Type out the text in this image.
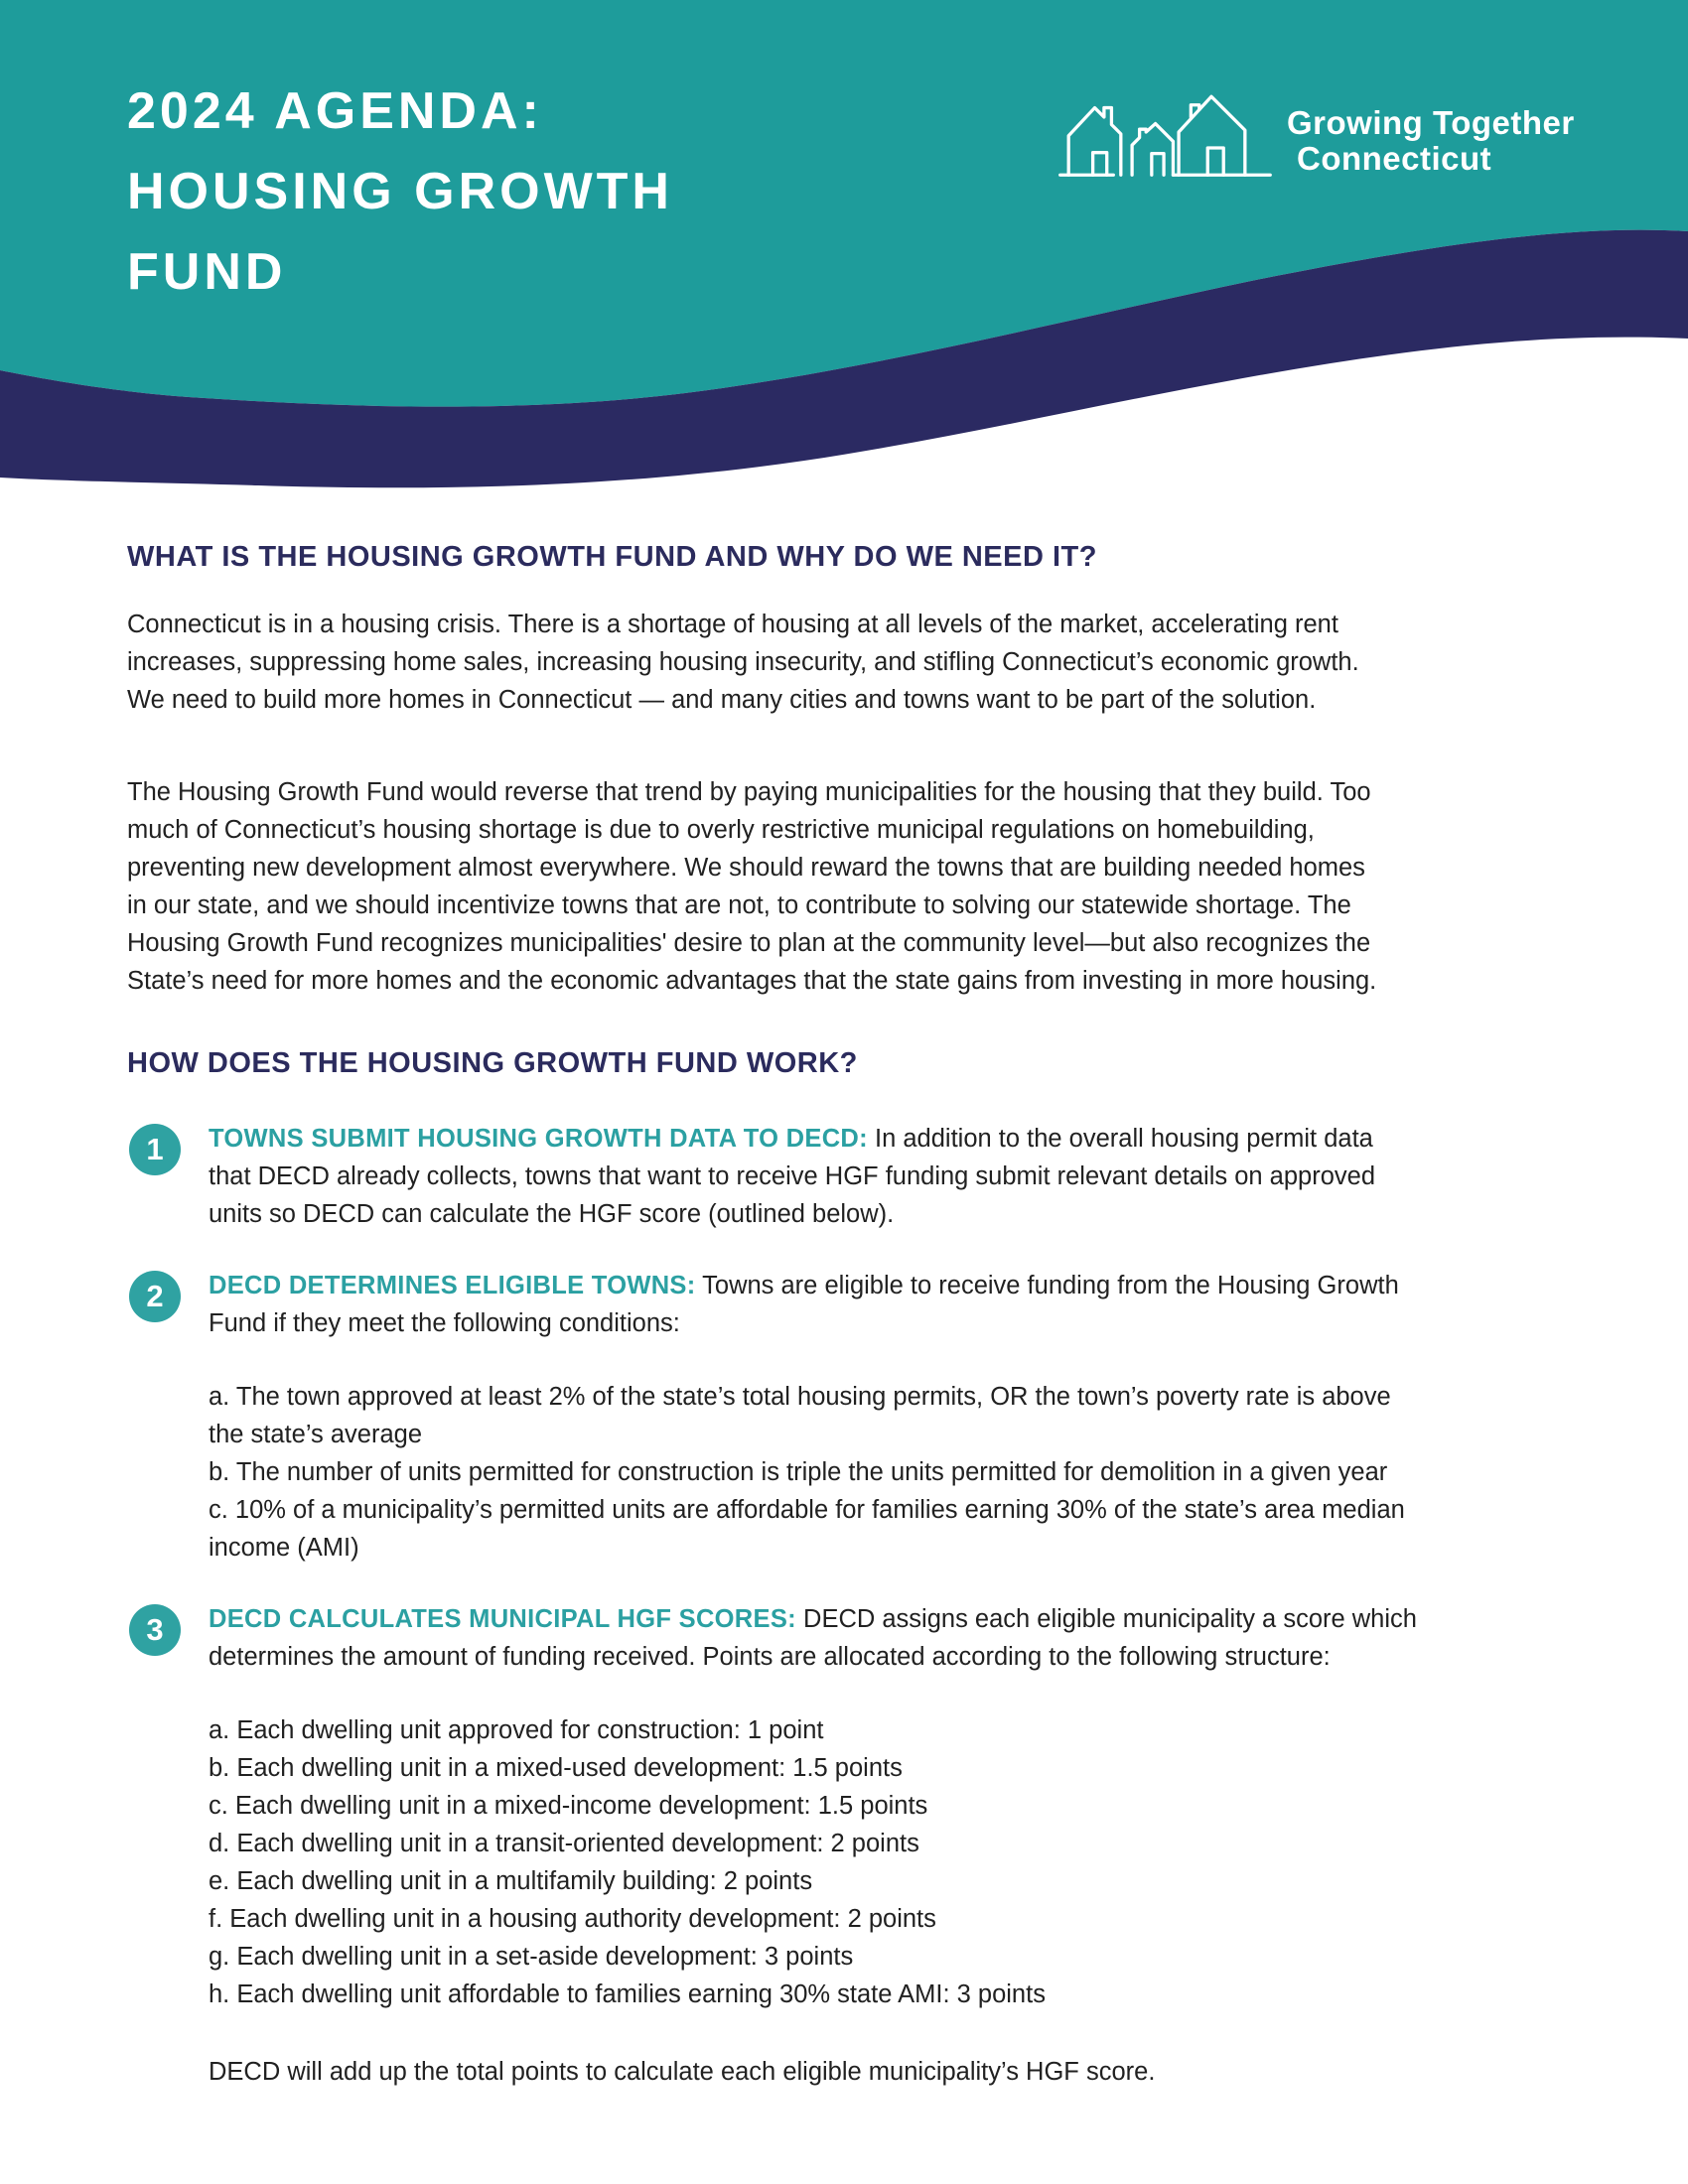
2024 AGENDA:
HOUSING GROWTH
FUND
Growing Together
Connecticut
WHAT IS THE HOUSING GROWTH FUND AND WHY DO WE NEED IT?
Connecticut is in a housing crisis. There is a shortage of housing at all levels of the market, accelerating rent
increases, suppressing home sales, increasing housing insecurity, and stifling Connecticut’s economic growth.
We need to build more homes in Connecticut — and many cities and towns want to be part of the solution.
The Housing Growth Fund would reverse that trend by paying municipalities for the housing that they build. Too
much of Connecticut’s housing shortage is due to overly restrictive municipal regulations on homebuilding,
preventing new development almost everywhere. We should reward the towns that are building needed homes
in our state, and we should incentivize towns that are not, to contribute to solving our statewide shortage. The
Housing Growth Fund recognizes municipalities' desire to plan at the community level—but also recognizes the
State’s need for more homes and the economic advantages that the state gains from investing in more housing.
HOW DOES THE HOUSING GROWTH FUND WORK?
1	TOWNS SUBMIT HOUSING GROWTH DATA TO DECD: In addition to the overall housing permit data
that DECD already collects, towns that want to receive HGF funding submit relevant details on approved
units so DECD can calculate the HGF score (outlined below).
2	DECD DETERMINES ELIGIBLE TOWNS: Towns are eligible to receive funding from the Housing Growth
Fund if they meet the following conditions:
a. The town approved at least 2% of the state’s total housing permits, OR the town’s poverty rate is above
the state’s average
b. The number of units permitted for construction is triple the units permitted for demolition in a given year
c. 10% of a municipality’s permitted units are affordable for families earning 30% of the state’s area median
income (AMI)
3	DECD CALCULATES MUNICIPAL HGF SCORES: DECD assigns each eligible municipality a score which
determines the amount of funding received. Points are allocated according to the following structure:
a. Each dwelling unit approved for construction: 1 point
b. Each dwelling unit in a mixed-used development: 1.5 points
c. Each dwelling unit in a mixed-income development: 1.5 points
d. Each dwelling unit in a transit-oriented development: 2 points
e. Each dwelling unit in a multifamily building: 2 points
f. Each dwelling unit in a housing authority development: 2 points
g. Each dwelling unit in a set-aside development: 3 points
h. Each dwelling unit affordable to families earning 30% state AMI: 3 points
DECD will add up the total points to calculate each eligible municipality’s HGF score.
